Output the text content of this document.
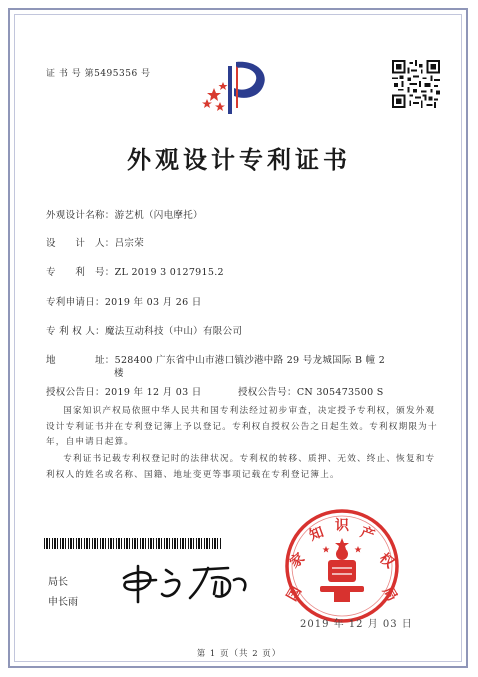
证 书 号 第5495356 号
外观设计专利证书
外观设计名称：游艺机（闪电摩托）
设　　计　人：吕宗荣
专　　利　号：ZL 2019 3 0127915.2
专利申请日：2019 年 03 月 26 日
专 利 权 人：魔法互动科技（中山）有限公司
地　　　　址：528400 广东省中山市港口镇沙港中路 29 号龙城国际 B 幢 2
楼
授权公告日：2019 年 12 月 03 日	授权公告号：CN 305473500 S
国家知识产权局依照中华人民共和国专利法经过初步审查，决定授予专利权，颁发外观
设计专利证书并在专利登记簿上予以登记。专利权自授权公告之日起生效。专利权期限为十
年，自申请日起算。
专利证书记载专利权登记时的法律状况。专利权的转移、质押、无效、终止、恢复和专
利权人的姓名或名称、国籍、地址变更等事项记载在专利登记簿上。
局长
申长雨	国
家
知 识 产
权
局
2019 年 12 月 03 日
第 1 页（共 2 页）
